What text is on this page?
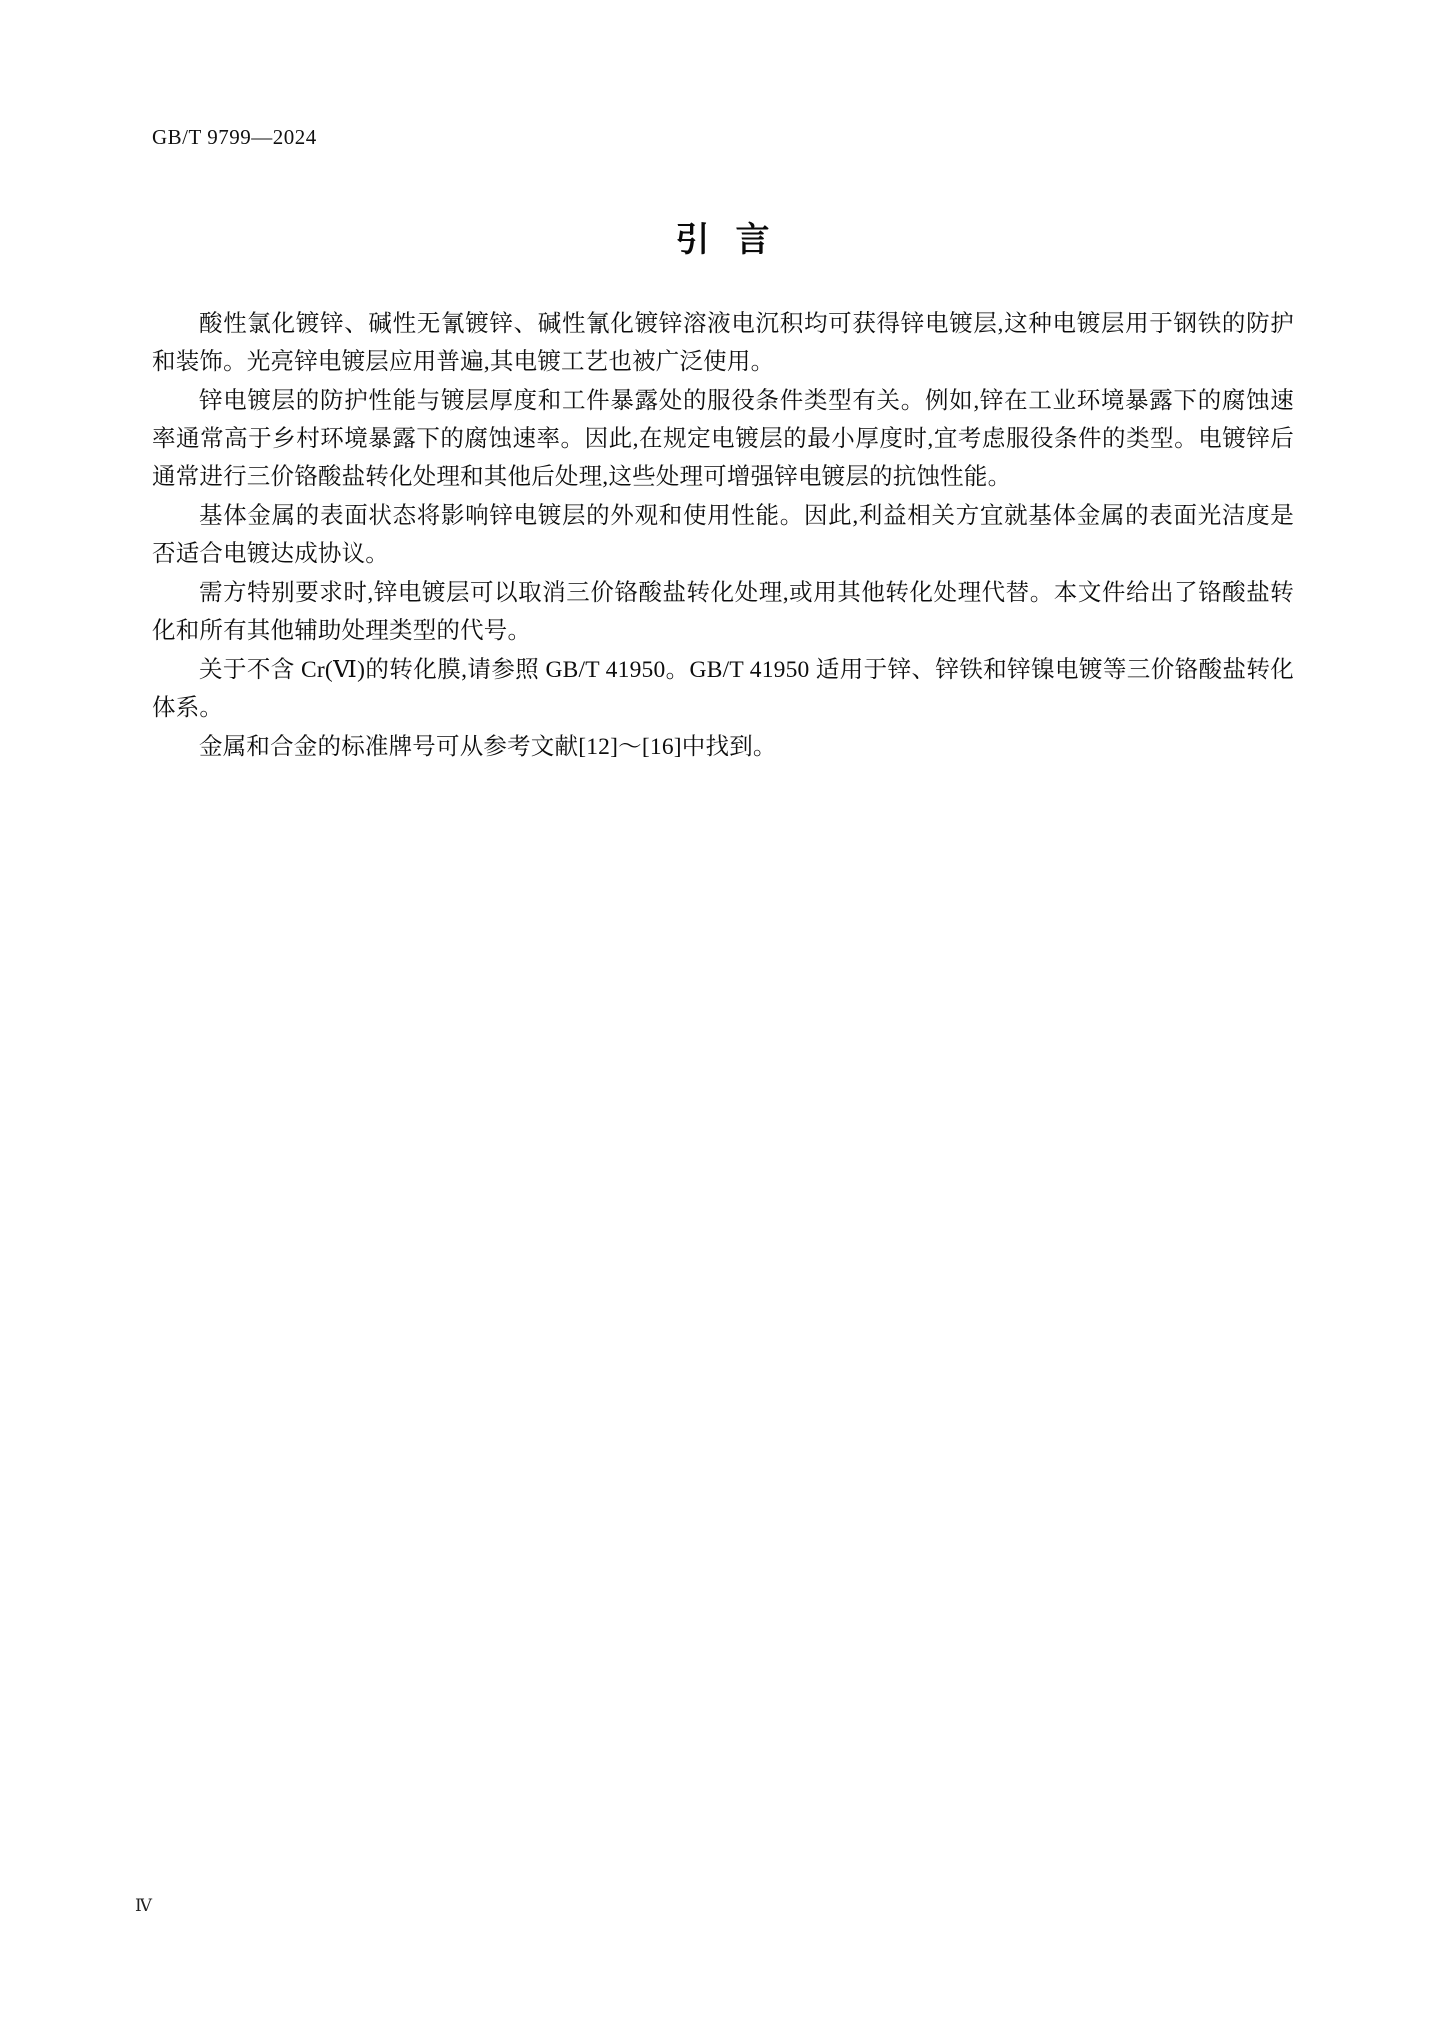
GB/T 9799—2024
引言

酸性氯化镀锌、碱性无氰镀锌、碱性氰化镀锌溶液电沉积均可获得锌电镀层,这种电镀层用于钢铁的防护和装饰。光亮锌电镀层应用普遍,其电镀工艺也被广泛使用。

锌电镀层的防护性能与镀层厚度和工件暴露处的服役条件类型有关。例如,锌在工业环境暴露下的腐蚀速率通常高于乡村环境暴露下的腐蚀速率。因此,在规定电镀层的最小厚度时,宜考虑服役条件的类型。电镀锌后通常进行三价铬酸盐转化处理和其他后处理,这些处理可增强锌电镀层的抗蚀性能。

基体金属的表面状态将影响锌电镀层的外观和使用性能。因此,利益相关方宜就基体金属的表面光洁度是否适合电镀达成协议。

需方特别要求时,锌电镀层可以取消三价铬酸盐转化处理,或用其他转化处理代替。本文件给出了铬酸盐转化和所有其他辅助处理类型的代号。

关于不含 Cr(Ⅵ)的转化膜,请参照 GB/T 41950。GB/T 41950 适用于锌、锌铁和锌镍电镀等三价铬酸盐转化体系。

金属和合金的标准牌号可从参考文献[12]～[16]中找到。

Ⅳ
